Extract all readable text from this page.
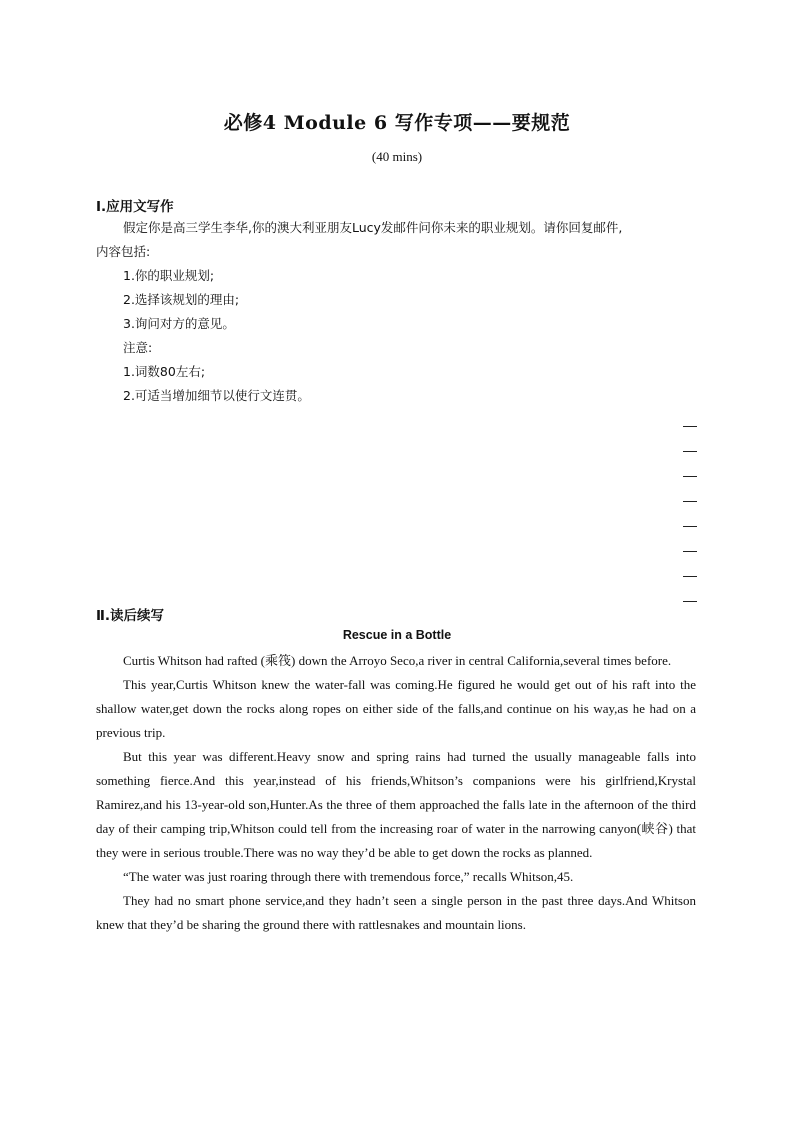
必修4 Module 6 写作专项——要规范
(40 mins)
Ⅰ.应用文写作
假定你是高三学生李华,你的澳大利亚朋友Lucy发邮件问你未来的职业规划。请你回复邮件,
内容包括:
1.你的职业规划;
2.选择该规划的理由;
3.询问对方的意见。
注意:
1.词数80左右;
2.可适当增加细节以使行文连贯。
Ⅱ.读后续写
Rescue in a Bottle

Curtis Whitson had rafted (乘筏) down the Arroyo Seco,a river in central California,several times before.

This year,Curtis Whitson knew the water-fall was coming.He figured he would get out of his raft into the shallow water,get down the rocks along ropes on either side of the falls,and continue on his way,as he had on a previous trip.

But this year was different.Heavy snow and spring rains had turned the usually manageable falls into something fierce.And this year,instead of his friends,Whitson’s companions were his girlfriend,Krystal Ramirez,and his 13-year-old son,Hunter.As the three of them approached the falls late in the afternoon of the third day of their camping trip,Whitson could tell from the increasing roar of water in the narrowing canyon(峡谷) that they were in serious trouble.There was no way they’d be able to get down the rocks as planned.

“The water was just roaring through there with tremendous force,” recalls Whitson,45.

They had no smart phone service,and they hadn’t seen a single person in the past three days.And Whitson knew that they’d be sharing the ground there with rattlesnakes and mountain lions.
